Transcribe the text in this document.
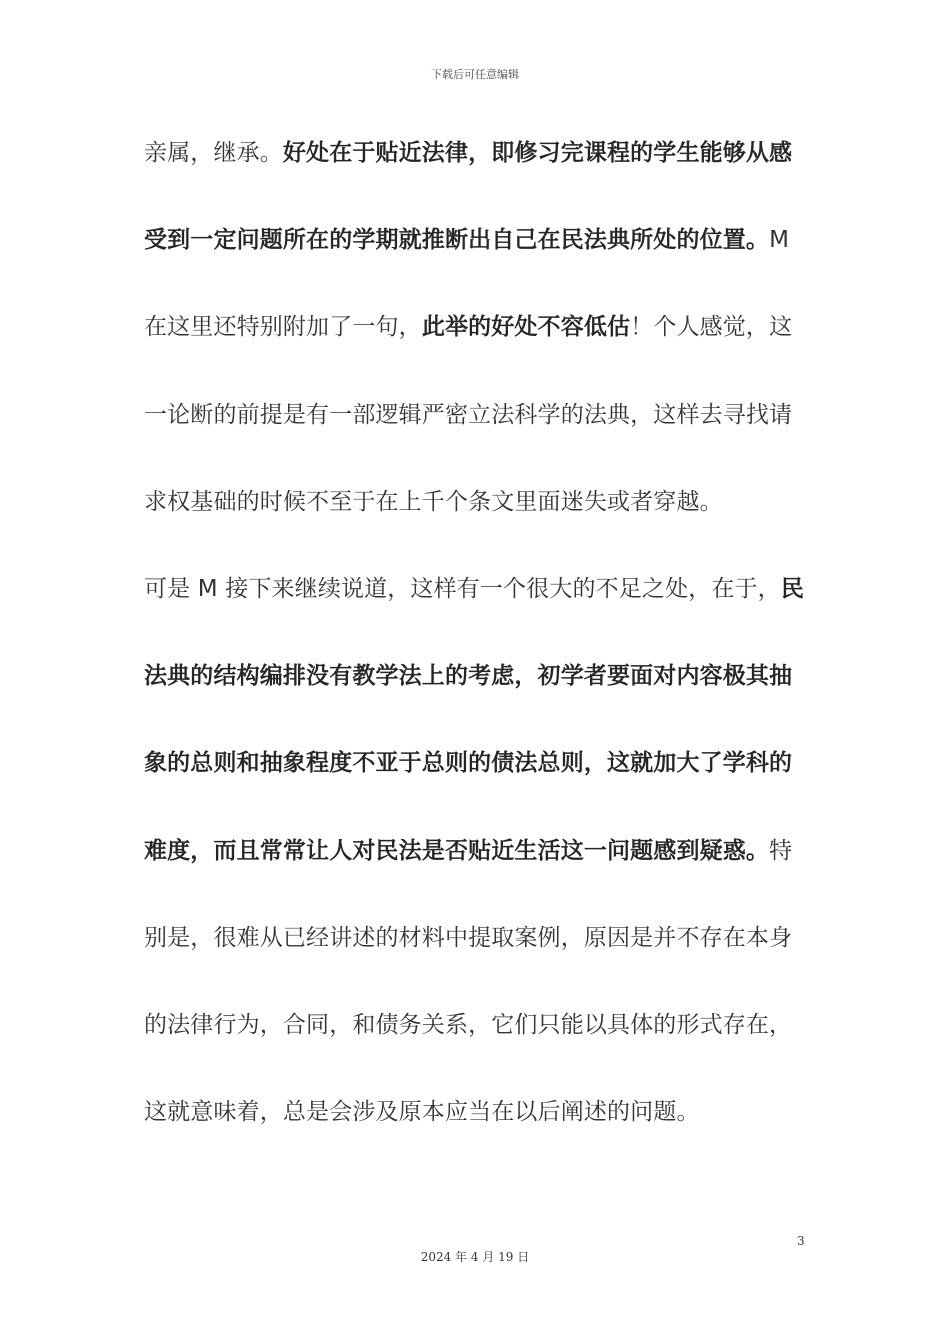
下载后可任意编辑
亲属，继承。好处在于贴近法律，即修习完课程的学生能够从感
受到一定问题所在的学期就推断出自己在民法典所处的位置。M
在这里还特别附加了一句，此举的好处不容低估！个人感觉，这
一论断的前提是有一部逻辑严密立法科学的法典，这样去寻找请
求权基础的时候不至于在上千个条文里面迷失或者穿越。
可是 M 接下来继续说道，这样有一个很大的不足之处，在于，民
法典的结构编排没有教学法上的考虑，初学者要面对内容极其抽
象的总则和抽象程度不亚于总则的债法总则，这就加大了学科的
难度，而且常常让人对民法是否贴近生活这一问题感到疑惑。特
别是，很难从已经讲述的材料中提取案例，原因是并不存在本身
的法律行为，合同，和债务关系，它们只能以具体的形式存在，
这就意味着，总是会涉及原本应当在以后阐述的问题。
3
2024 年 4 月 19 日
